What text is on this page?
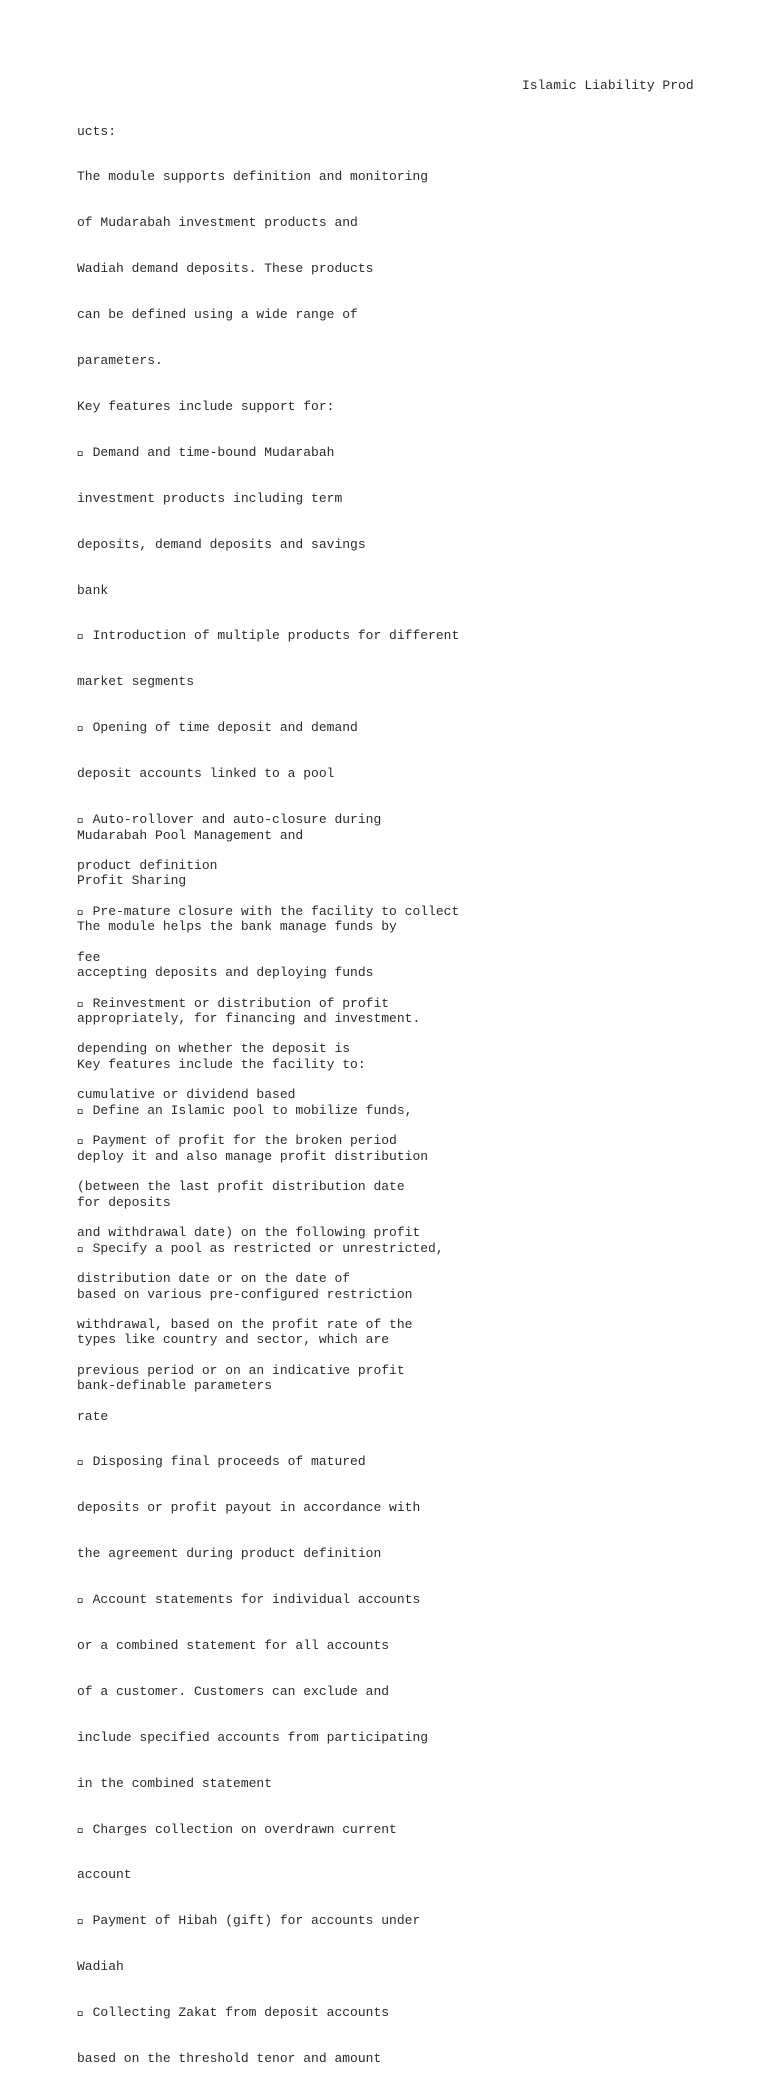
Islamic Liability Prod

ucts:

The module supports definition and monitoring

of Mudarabah investment products and

Wadiah demand deposits. These products

can be defined using a wide range of

parameters.

Key features include support for:

Demand and time-bound Mudarabah

investment products including term

deposits, demand deposits and savings

bank

Introduction of multiple products for different

market segments

Opening of time deposit and demand

deposit accounts linked to a pool

Auto-rollover and auto-closure during

product definition

Pre-mature closure with the facility to collect

fee

Reinvestment or distribution of profit

depending on whether the deposit is

cumulative or dividend based

Payment of profit for the broken period

(between the last profit distribution date

and withdrawal date) on the following profit

distribution date or on the date of

withdrawal, based on the profit rate of the

previous period or on an indicative profit

rate

Disposing final proceeds of matured

deposits or profit payout in accordance with

the agreement during product definition

Account statements for individual accounts

or a combined statement for all accounts

of a customer. Customers can exclude and

include specified accounts from participating

in the combined statement

Charges collection on overdrawn current

account

Payment of Hibah (gift) for accounts under

Wadiah

Collecting Zakat from deposit accounts

based on the threshold tenor and amount

Mudarabah Pool Management and

Profit Sharing

The module helps the bank manage funds by

accepting deposits and deploying funds

appropriately, for financing and investment.

Key features include the facility to:

Define an Islamic pool to mobilize funds,

deploy it and also manage profit distribution

for deposits

Specify a pool as restricted or unrestricted,

based on various pre-configured restriction

types like country and sector, which are

bank-definable parameters
